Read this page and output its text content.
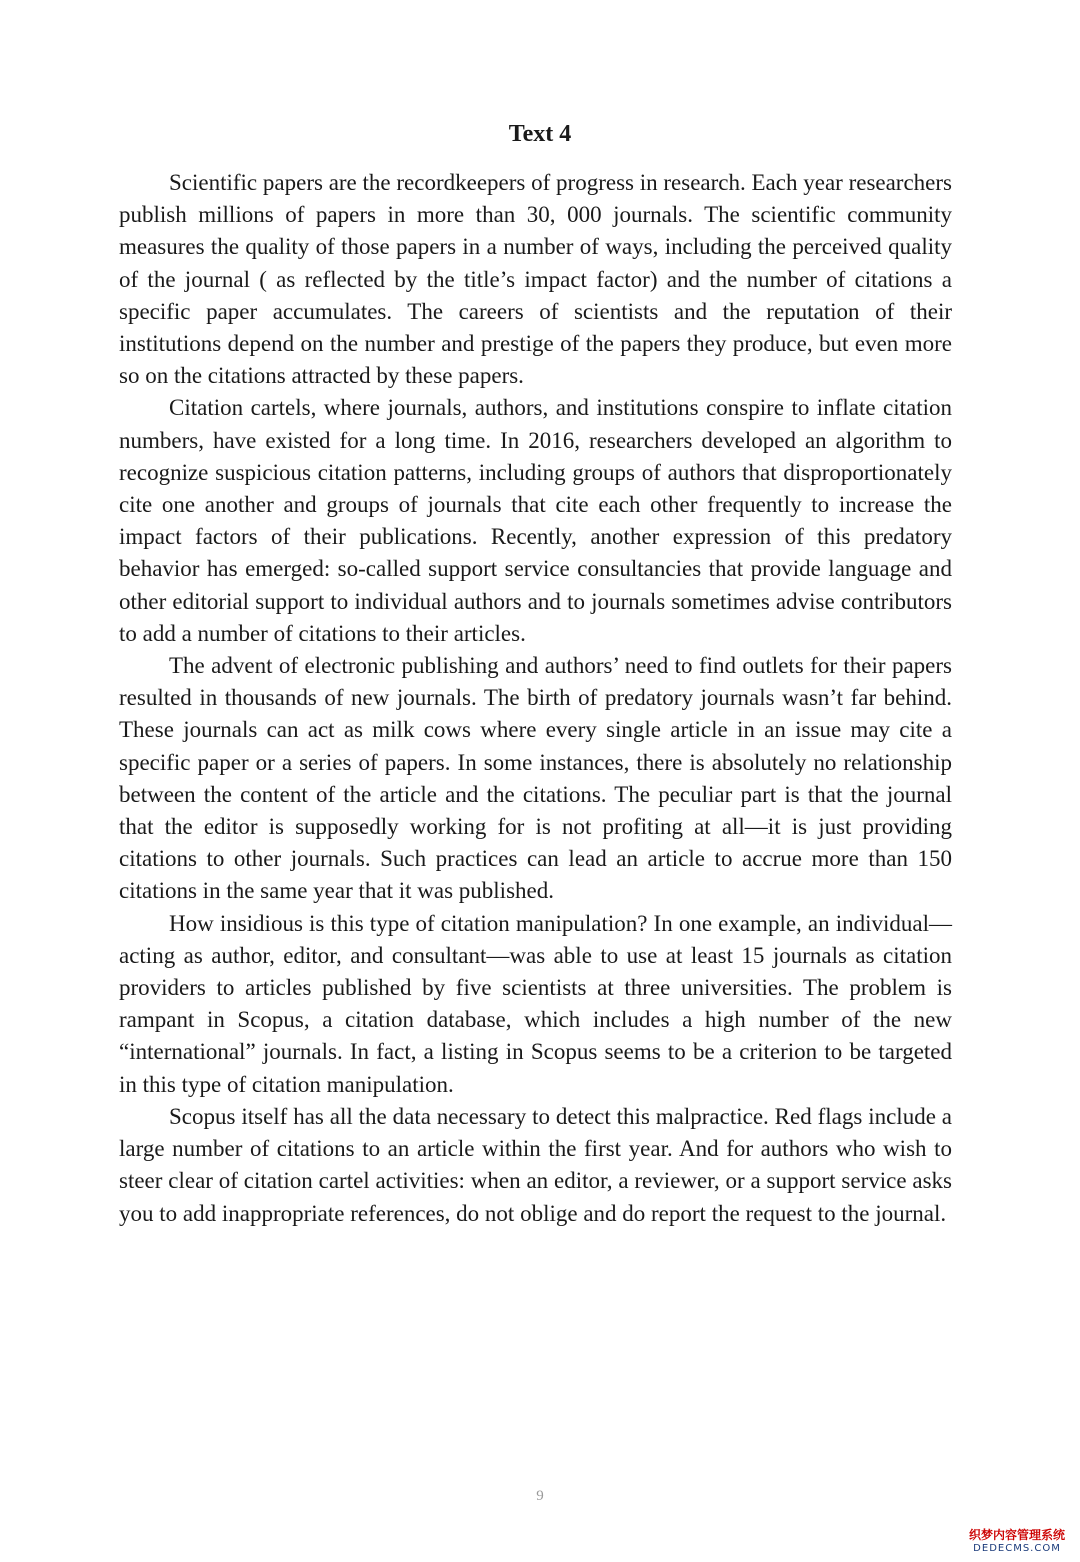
Text 4

Scientific papers are the recordkeepers of progress in research. Each year researchers publish millions of papers in more than 30, 000 journals. The scientific community measures the quality of those papers in a number of ways, including the perceived quality of the journal ( as reflected by the title’s impact factor) and the number of citations a specific paper accumulates. The careers of scientists and the reputation of their institutions depend on the number and prestige of the papers they produce, but even more so on the citations attracted by these papers.

Citation cartels, where journals, authors, and institutions conspire to inflate citation numbers, have existed for a long time. In 2016, researchers developed an algorithm to recognize suspicious citation patterns, including groups of authors that disproportionately cite one another and groups of journals that cite each other frequently to increase the impact factors of their publications. Recently, another expression of this predatory behavior has emerged: so-called support service consultancies that provide language and other editorial support to individual authors and to journals sometimes advise contributors to add a number of citations to their articles.

The advent of electronic publishing and authors’ need to find outlets for their papers resulted in thousands of new journals. The birth of predatory journals wasn’t far behind. These journals can act as milk cows where every single article in an issue may cite a specific paper or a series of papers. In some instances, there is absolutely no relationship between the content of the article and the citations. The peculiar part is that the journal that the editor is supposedly working for is not profiting at all—it is just providing citations to other journals. Such practices can lead an article to accrue more than 150 citations in the same year that it was published.

How insidious is this type of citation manipulation? In one example, an individual—acting as author, editor, and consultant—was able to use at least 15 journals as citation providers to articles published by five scientists at three universities. The problem is rampant in Scopus, a citation database, which includes a high number of the new “international” journals. In fact, a listing in Scopus seems to be a criterion to be targeted in this type of citation manipulation.

Scopus itself has all the data necessary to detect this malpractice. Red flags include a large number of citations to an article within the first year. And for authors who wish to steer clear of citation cartel activities: when an editor, a reviewer, or a support service asks you to add inappropriate references, do not oblige and do report the request to the journal.

9
织梦内容管理系统
DEDECMS.COM
